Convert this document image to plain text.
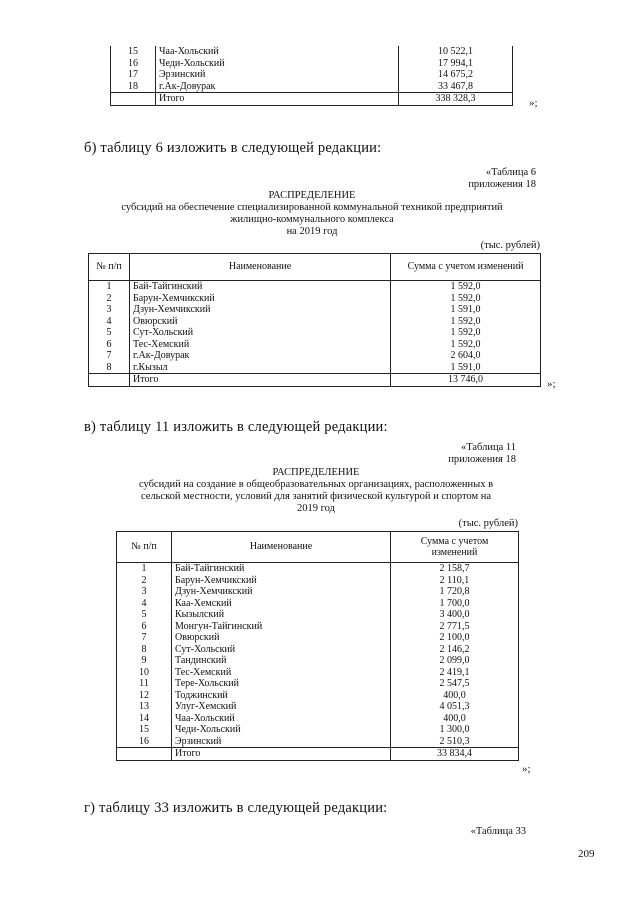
15	Чаа-Хольский	10 522,1
16	Чеди-Хольский	17 994,1
17	Эрзинский	14 675,2
18	г.Ак-Довурак	33 467,8
	Итого	338 328,3	»;
б) таблицу 6 изложить в следующей редакции:
«Таблица 6
приложения 18
РАСПРЕДЕЛЕНИЕ
субсидий на обеспечение специализированной коммунальной техникой предприятий
жилищно-коммунального комплекса
на 2019 год
(тыс. рублей)
№ п/п	Наименование	Сумма с учетом изменений
1	Бай-Тайгинский	1 592,0
2	Барун-Хемчикский	1 592,0
3	Дзун-Хемчикский	1 591,0
4	Овюрский	1 592,0
5	Сут-Хольский	1 592,0
6	Тес-Хемский	1 592,0
7	г.Ак-Довурак	2 604,0
8	г.Кызыл	1 591,0
	Итого	13 746,0	»;
в) таблицу 11 изложить в следующей редакции:
«Таблица 11
приложения 18
РАСПРЕДЕЛЕНИЕ
субсидий на создание в общеобразовательных организациях, расположенных в
сельской местности, условий для занятий физической культурой и спортом на
2019 год
(тыс. рублей)
№ п/п	Наименование	Сумма с учетом
изменений

1	Бай-Тайгинский	2 158,7
2	Барун-Хемчикский	2 110,1
3	Дзун-Хемчикский	1 720,8
4	Каа-Хемский	1 700,0
5	Кызылский	3 400,0
6	Монгун-Тайгинский	2 771,5
7	Овюрский	2 100,0
8	Сут-Хольский	2 146,2
9	Тандинский	2 099,0
10	Тес-Хемский	2 419,1
11	Тере-Хольский	2 547,5
12	Тоджинский	400,0
13	Улуг-Хемский	4 051,3
14	Чаа-Хольский	400,0
15	Чеди-Хольский	1 300,0
16	Эрзинский	2 510,3
	Итого	33 834,4
»;
г) таблицу 33 изложить в следующей редакции:
«Таблица 33
209
